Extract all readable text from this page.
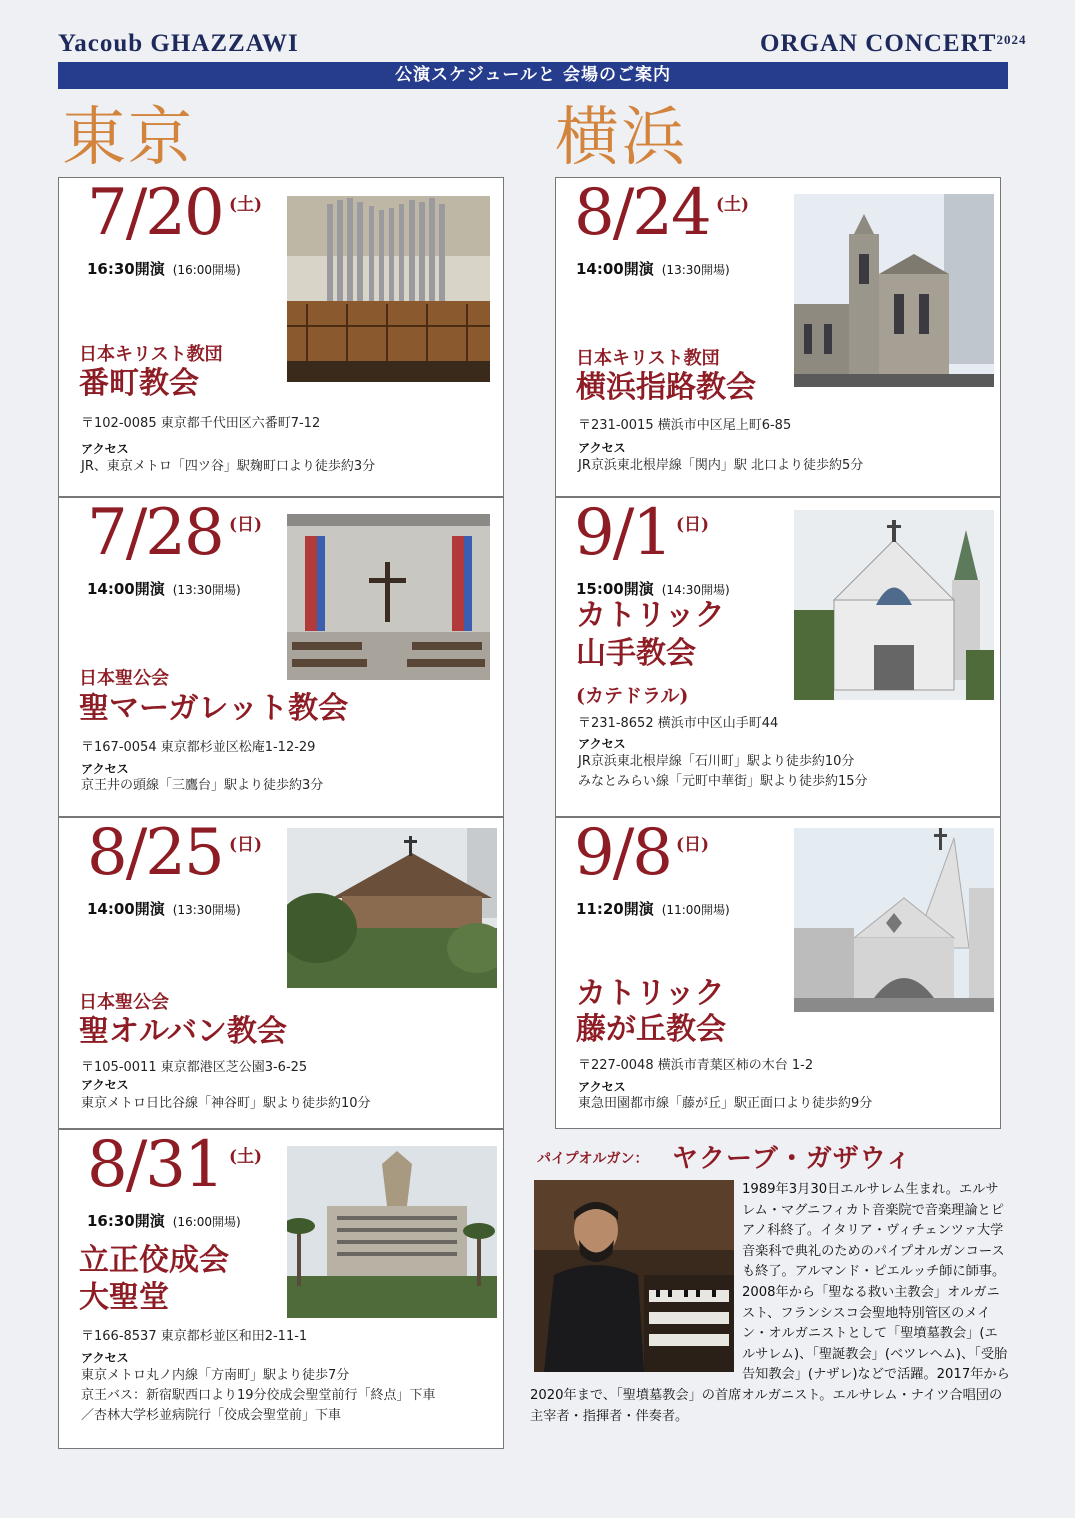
Yacoub GHAZZAWI	ORGAN $CONCERT^{2024}$
公演スケジュールと 会場のご案内
東京	横浜
7/20 (土)
16:30開演 (16:00開場)
日本キリスト教団
番町教会
〒102-0085 東京都千代田区六番町7-12
アクセス
JR、東京メトロ「四ツ谷」駅麹町口より徒歩約3分
7/28 (日)
14:00開演 (13:30開場)
日本聖公会
聖マーガレット教会
〒167-0054 東京都杉並区松庵1-12-29
アクセス
京王井の頭線「三鷹台」駅より徒歩約3分
8/25 (日)
14:00開演 (13:30開場)
日本聖公会
聖オルバン教会
〒105-0011 東京都港区芝公園3-6-25
アクセス
東京メトロ日比谷線「神谷町」駅より徒歩約10分
8/31 (土)
16:30開演 (16:00開場)
立正佼成会
大聖堂
〒166-8537 東京都杉並区和田2-11-1
アクセス
東京メトロ丸ノ内線「方南町」駅より徒歩7分
京王バス：新宿駅西口より19分佼成会聖堂前行「終点」下車
／杏林大学杉並病院行「佼成会聖堂前」下車
8/24 (土)
14:00開演 (13:30開場)
日本キリスト教団
横浜指路教会
〒231-0015 横浜市中区尾上町6-85
アクセス
JR京浜東北根岸線「関内」駅 北口より徒歩約5分
9/1 (日)
15:00開演 (14:30開場)
カトリック
山手教会
(カテドラル)
〒231-8652 横浜市中区山手町44
アクセス
JR京浜東北根岸線「石川町」駅より徒歩約10分
みなとみらい線「元町中華街」駅より徒歩約15分
9/8 (日)
11:20開演 (11:00開場)
カトリック
藤が丘教会
〒227-0048 横浜市青葉区柿の木台 1-2
アクセス
東急田園都市線「藤が丘」駅正面口より徒歩約9分
パイプオルガン： ヤクーブ・ガザウィ
1989年3月30日エルサレム生まれ。エルサレム・マグニフィカト音楽院で音楽理論とピアノ科終了。イタリア・ヴィチェンツァ大学音楽科で典礼のためのパイプオルガンコースも終了。アルマンド・ピエルッチ師に師事。2008年から「聖なる救い主教会」オルガニスト、フランシスコ会聖地特別管区のメイン・オルガニストとして「聖墳墓教会」(エルサレム)、「聖誕教会」(ベツレヘム)、「受胎告知教会」(ナザレ)などで活躍。2017年から2020年まで、「聖墳墓教会」の首席オルガニスト。エルサレム・ナイツ合唱団の主宰者・指揮者・伴奏者。
